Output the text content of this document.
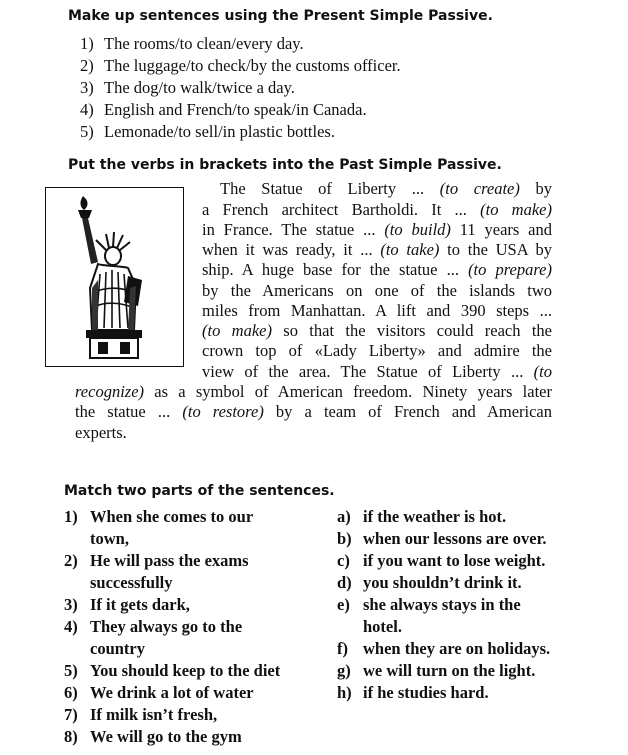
Make up sentences using the Present Simple Passive.
1) The rooms/to clean/every day.
2) The luggage/to check/by the customs officer.
3) The dog/to walk/twice a day.
4) English and French/to speak/in Canada.
5) Lemonade/to sell/in plastic bottles.
Put the verbs in brackets into the Past Simple Passive.
The Statue of Liberty ... (to create) by
a French architect Bartholdi. It ... (to make)
in France. The statue ... (to build) 11 years and
when it was ready, it ... (to take) to the USA by
ship. A huge base for the statue ... (to prepare)
by the Americans on one of the islands two
miles from Manhattan. A lift and 390 steps ...
(to make) so that the visitors could reach the
crown top of «Lady Liberty» and admire the
view of the area. The Statue of Liberty ... (to
recognize) as a symbol of American freedom. Ninety years later
the statue ... (to restore) by a team of French and American
experts.
Match two parts of the sentences.
1) When she comes to our
town,
2) He will pass the exams
successfully
3) If it gets dark,
4) They always go to the
country
5) You should keep to the diet
6) We drink a lot of water
7) If milk isn’t fresh,
8) We will go to the gym
a) if the weather is hot.
b) when our lessons are over.
c) if you want to lose weight.
d) you shouldn’t drink it.
e) she always stays in the
hotel.
f) when they are on holidays.
g) we will turn on the light.
h) if he studies hard.
